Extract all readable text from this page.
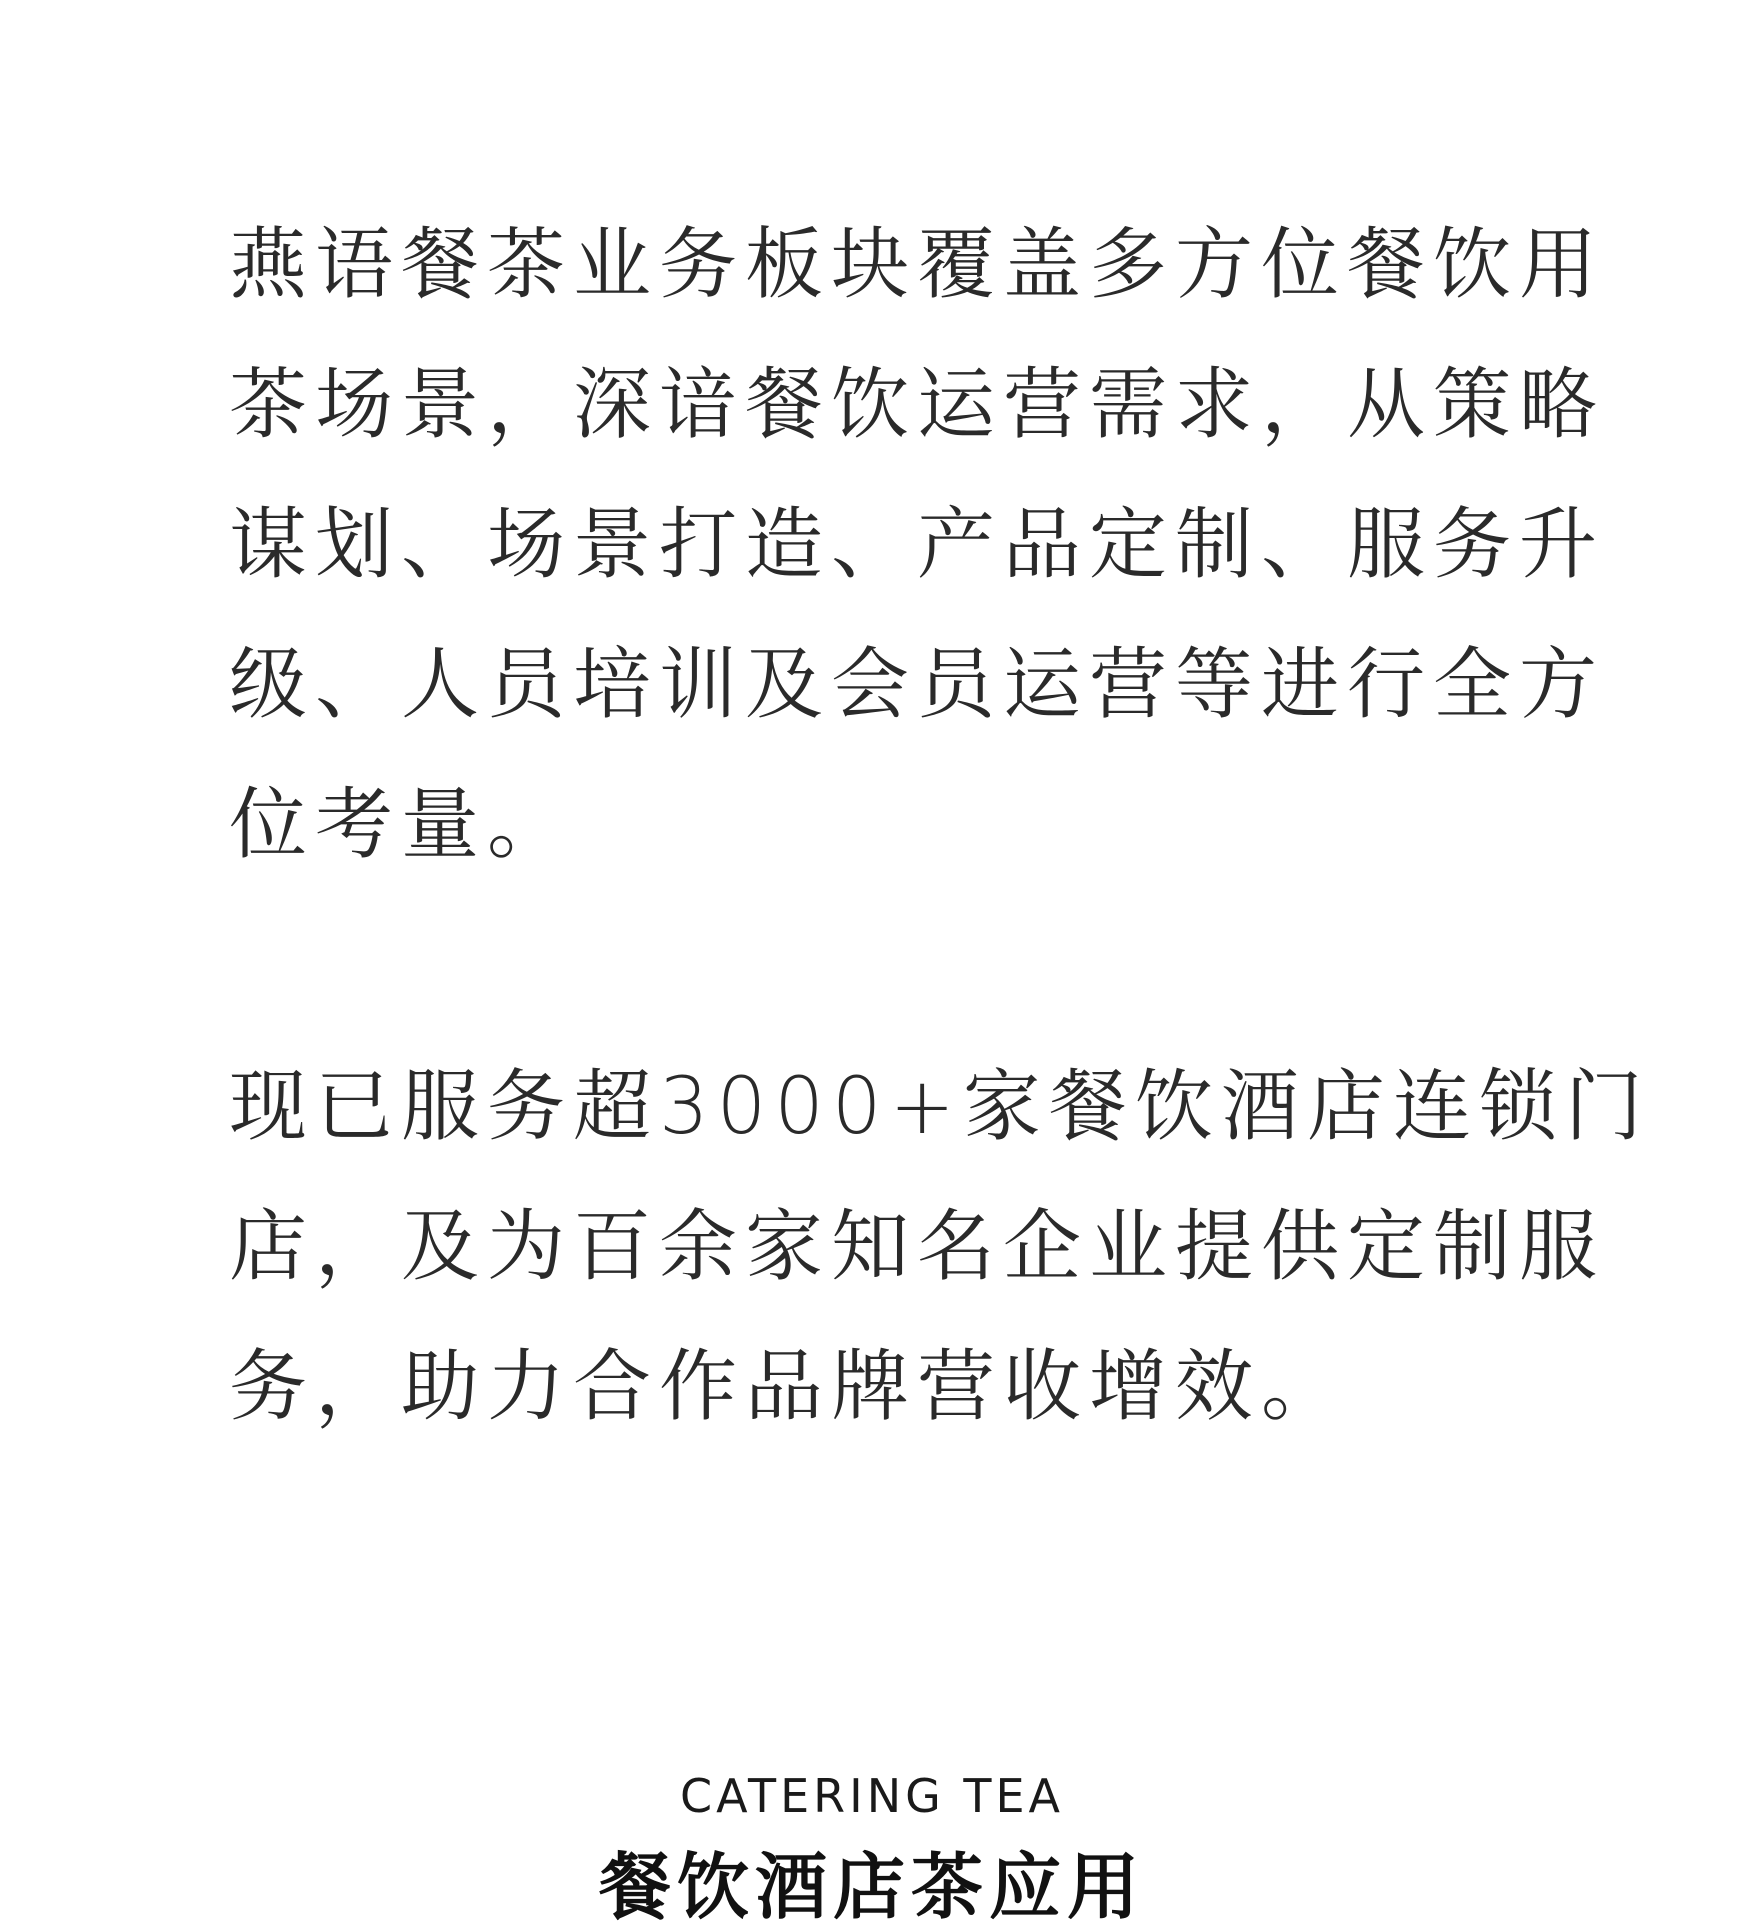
燕语餐茶业务板块覆盖多方位餐饮用
茶场景，深谙餐饮运营需求，从策略
谋划、场景打造、产品定制、服务升
级、人员培训及会员运营等进行全方
位考量。

现已服务超3000+家餐饮酒店连锁门
店，及为百余家知名企业提供定制服
务，助力合作品牌营收增效。

CATERING TEA
餐饮酒店茶应用
